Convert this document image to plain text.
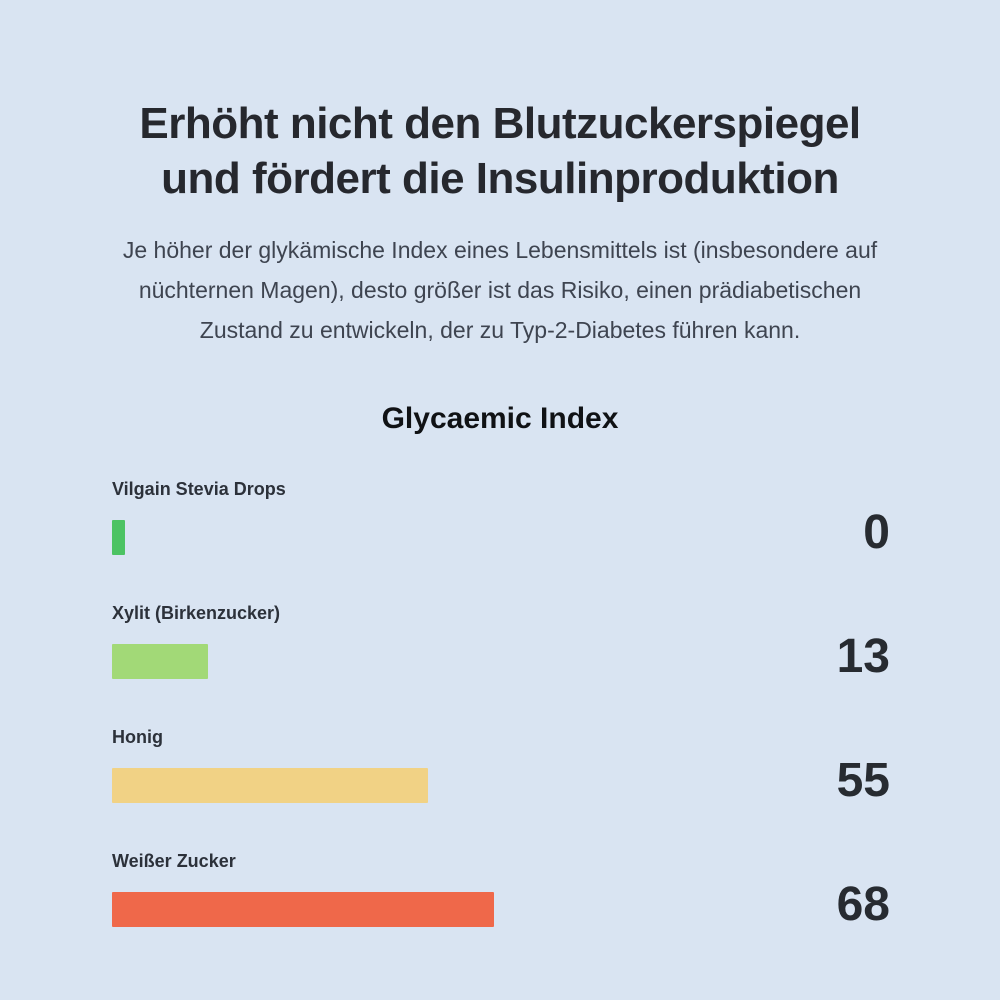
Erhöht nicht den Blutzuckerspiegel
und fördert die Insulinproduktion

Je höher der glykämische Index eines Lebensmittels ist (insbesondere auf
nüchternen Magen), desto größer ist das Risiko, einen prädiabetischen
Zustand zu entwickeln, der zu Typ-2-Diabetes führen kann.

Glycaemic Index
Vilgain Stevia Drops
0
Xylit (Birkenzucker)
13
Honig
55
Weißer Zucker
68
